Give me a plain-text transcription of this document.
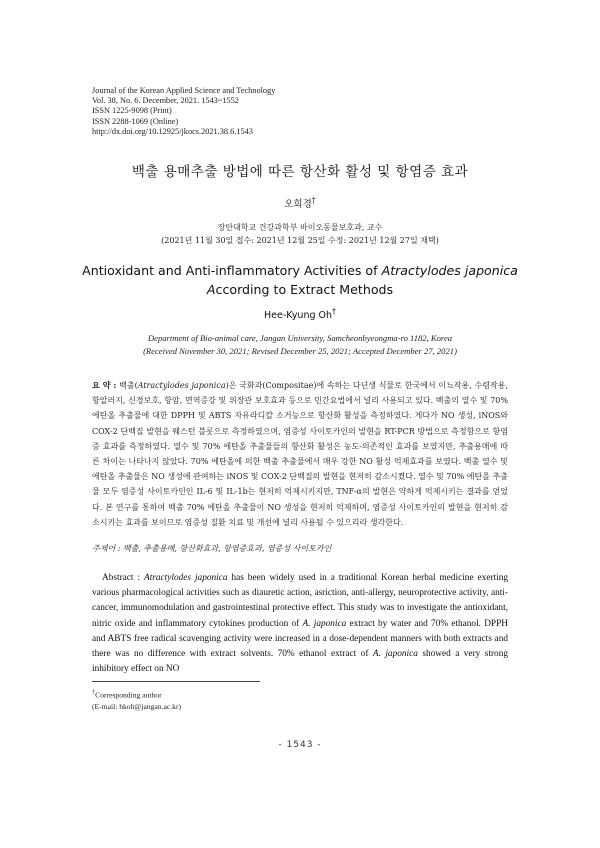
Journal of the Korean Applied Science and Technology
Vol. 38, No. 6. December, 2021. 1543~1552
ISSN 1225-9098 (Print)
ISSN 2288-1069 (Online)
http://dx.doi.org/10.12925/jkocs.2021.38.6.1543
백출 용매추출 방법에 따른 항산화 활성 및 항염증 효과
오희경†
장안대학교 건강과학부 바이오동물보호과, 교수
(2021년 11월 30일 접수: 2021년 12월 25일 수정: 2021년 12월 27일 채택)
Antioxidant and Anti-inflammatory Activities of Atractylodes japonica
According to Extract Methods
Hee-Kyung Oh†
Department of Bio-animal care, Jangan University, Samcheonbyeongma-ro 1182, Korea
(Received November 30, 2021; Revised December 25, 2021; Accepted December 27, 2021)
요 약 : 백출(Atractylodes japonica)은 국화과(Compositae)에 속하는 다년생 식물로 한국에서 이뇨작용, 수렴작용, 항알러지, 신경보호, 항암, 면역증강 및 위장관 보호효과 등으로 민간요법에서 널리 사용되고 있다. 백출의 열수 및 70% 에탄올 추출물에 대한 DPPH 및 ABTS 자유라디칼 소거능으로 항산화 활성을 측정하였다. 게다가 NO 생성, iNOS와 COX-2 단백질 발현을 웨스턴 블롯으로 측정하였으며, 염증성 사이토카인의 발현을 RT-PCR 방법으로 측정함으로 항염증 효과를 측정하였다. 열수 및 70% 에탄올 추출물들의 항산화 활성은 농도-의존적인 효과를 보였지만, 추출용매에 따른 차이는 나타나지 않았다. 70% 에탄올에 의한 백출 추출물에서 매우 강한 NO 활성 억제효과를 보였다. 백출 열수 및 에탄올 추출물은 NO 생성에 관여하는 iNOS 및 COX-2 단백질의 발현을 현저히 감소시켰다. 열수 및 70% 에탄올 추출물 모두 염증성 사이토카인인 IL-6 및 IL-1b는 현저히 억제시키지만, TNF-α의 발현은 약하게 억제시키는 결과를 얻었다. 본 연구를 통하여 백출 70% 에탄올 추출물이 NO 생성을 현저히 억제하며, 염증성 사이토카인의 발현을 현저히 감소시키는 효과를 보이므로 염증성 질환 치료 및 개선에 널리 사용될 수 있으리라 생각한다.
주제어 : 백출, 추출용매, 항산화효과, 항염증효과, 염증성 사이토카인
Abstract : Atractylodes japonica has been widely used in a traditional Korean herbal medicine exerting various pharmacological activities such as diauretic action, asriction, anti-allergy, neuroprotective activity, anti-cancer, immunomodulation and gastrointestinal protective effect. This study was to investigate the antioxidant, nitric oxide and inflammatory cytokines production of A. japonica extract by water and 70% ethanol. DPPH and ABTS free radical scavenging activity were increased in a dose-dependent manners with both extracts and there was no difference with extract solvents. 70% ethanol extract of A. japonica showed a very strong inhibitory effect on NO
†Corresponding author
(E-mail: hkoh@jangan.ac.kr)
- 1543 -
